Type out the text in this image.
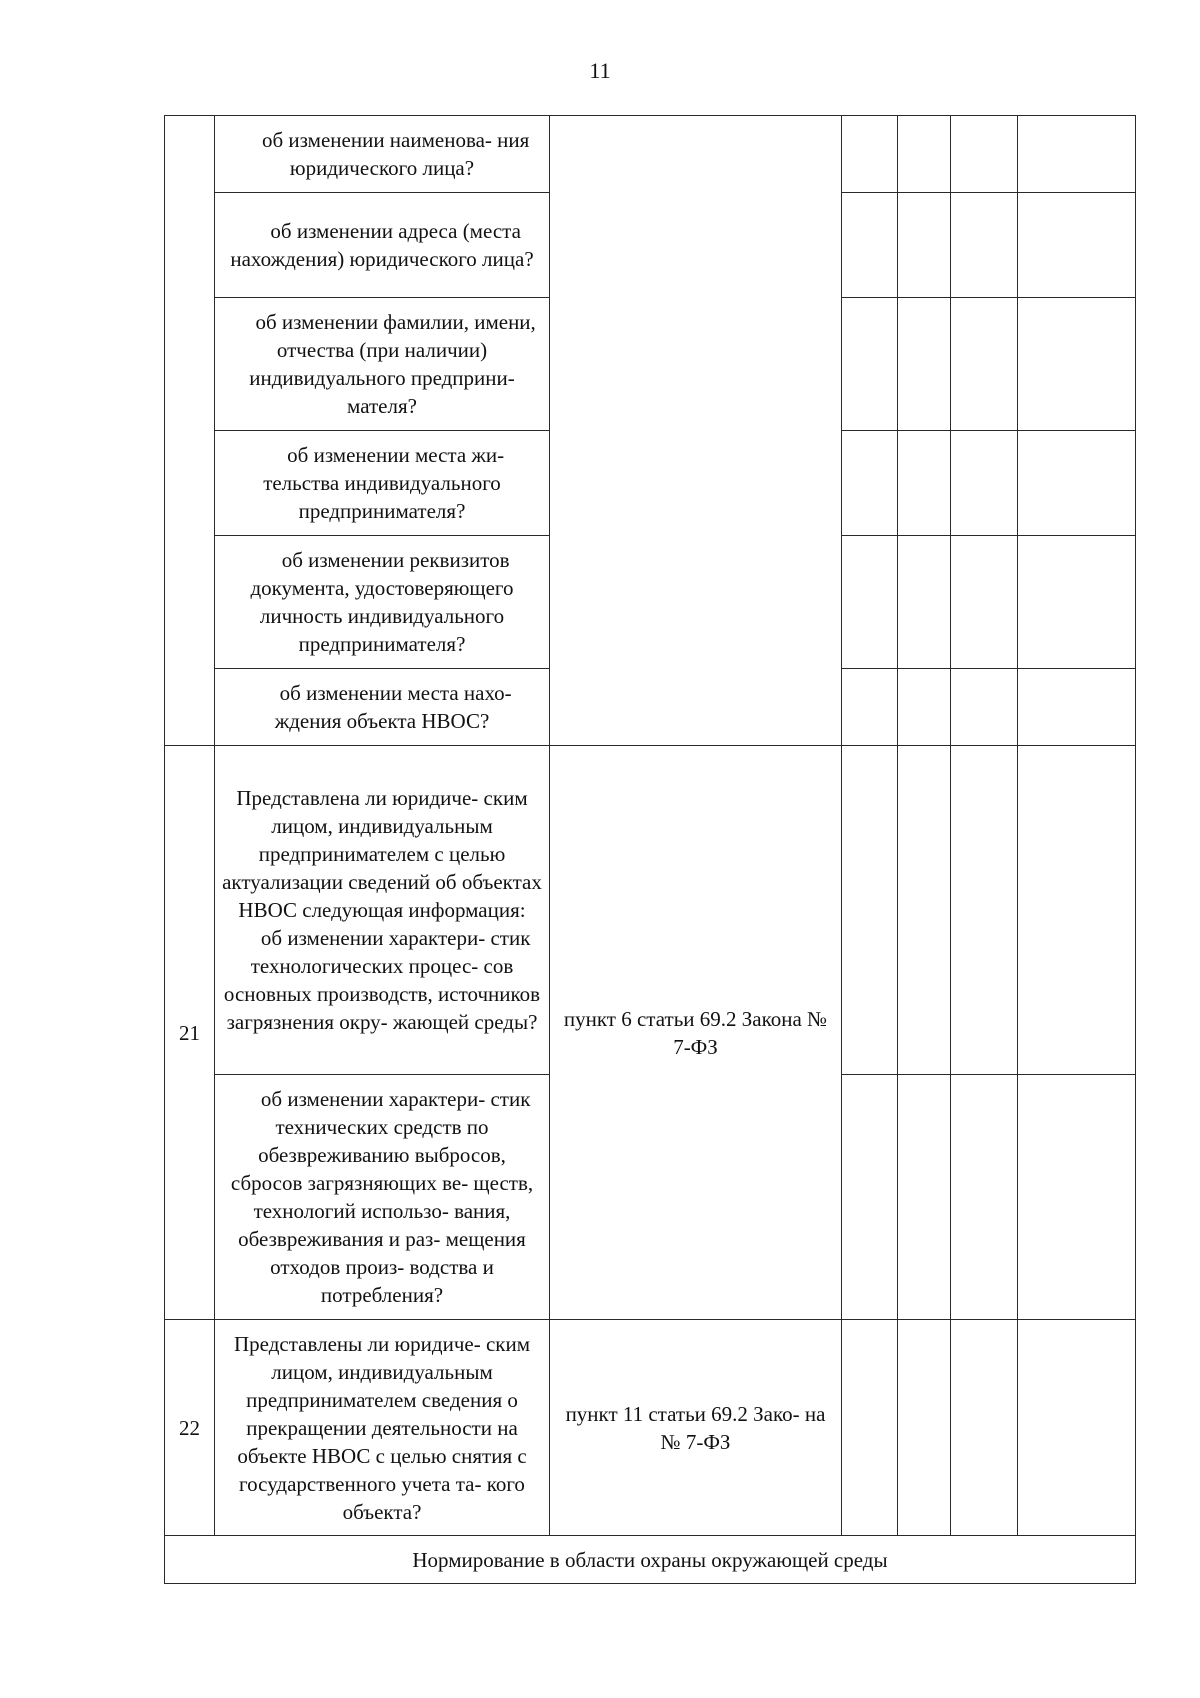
11

	об изменении наименова- ния юридического лица?					

	об изменении адреса (места нахождения) юридического лица?					

	об изменении фамилии, имени, отчества (при наличии) индивидуального предприни- мателя?					

	об изменении места жи- тельства индивидуального предпринимателя?					

	об изменении реквизитов документа, удостоверяющего личность индивидуального предпринимателя?					

	об изменении места нахо- ждения объекта НВОС?					

21	Представлена ли юридиче- ским лицом, индивидуальным предпринимателем с целью актуализации сведений об объектах НВОС следующая информация:
об изменении характери- стик технологических процес- сов основных производств, источников загрязнения окру- жающей среды?	пункт 6 статьи 69.2 Закона № 7-ФЗ				

	об изменении характери- стик технических средств по обезвреживанию выбросов, сбросов загрязняющих ве- ществ, технологий использо- вания, обезвреживания и раз- мещения отходов произ- водства и потребления?					

22	Представлены ли юридиче- ским лицом, индивидуальным предпринимателем сведения о прекращении деятельности на объекте НВОС с целью снятия с государственного учета та- кого объекта?	пункт 11 статьи 69.2 Зако- на № 7-ФЗ				
Нормирование в области охраны окружающей среды						
